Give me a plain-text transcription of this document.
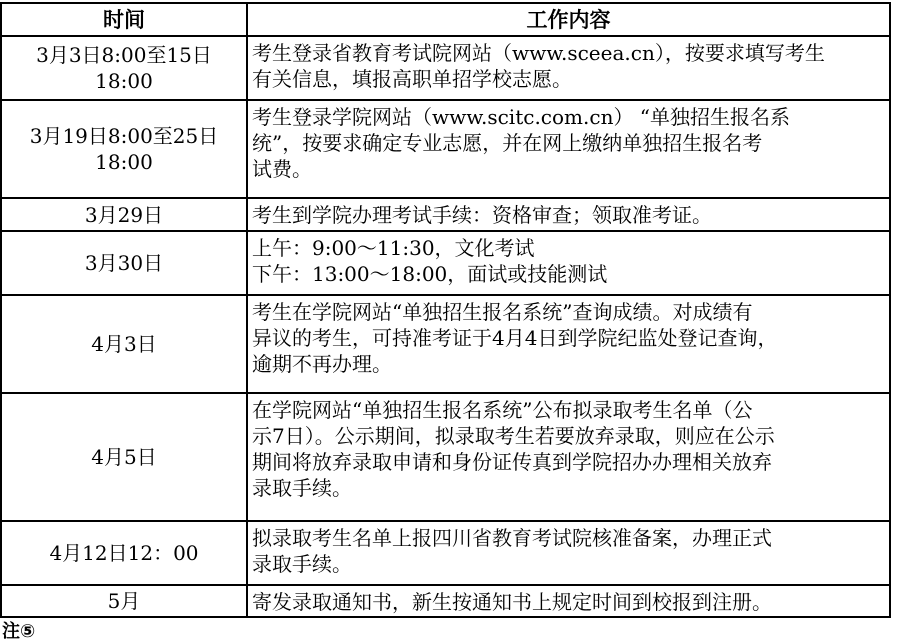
时间	工作内容

3月3日8:00至15日
18:00	考生登录省教育考试院网站（www.sceea.cn），按要求填写考生
有关信息，填报高职单招学校志愿。

3月19日8:00至25日
18:00	考生登录学院网站（www.scitc.com.cn） “单独招生报名系
统”，按要求确定专业志愿，并在网上缴纳单独招生报名考
试费。

3月29日	考生到学院办理考试手续：资格审查；领取准考证。

3月30日	上午：9:00～11:30，文化考试
下午：13:00～18:00，面试或技能测试

4月3日	考生在学院网站“单独招生报名系统”查询成绩。对成绩有
异议的考生，可持准考证于4月4日到学院纪监处登记查询，
逾期不再办理。

4月5日	在学院网站“单独招生报名系统”公布拟录取考生名单（公
示7日）。公示期间，拟录取考生若要放弃录取，则应在公示
期间将放弃录取申请和身份证传真到学院招办办理相关放弃
录取手续。

4月12日12：00	拟录取考生名单上报四川省教育考试院核准备案，办理正式
录取手续。

5月	寄发录取通知书，新生按通知书上规定时间到校报到注册。
注⑤
